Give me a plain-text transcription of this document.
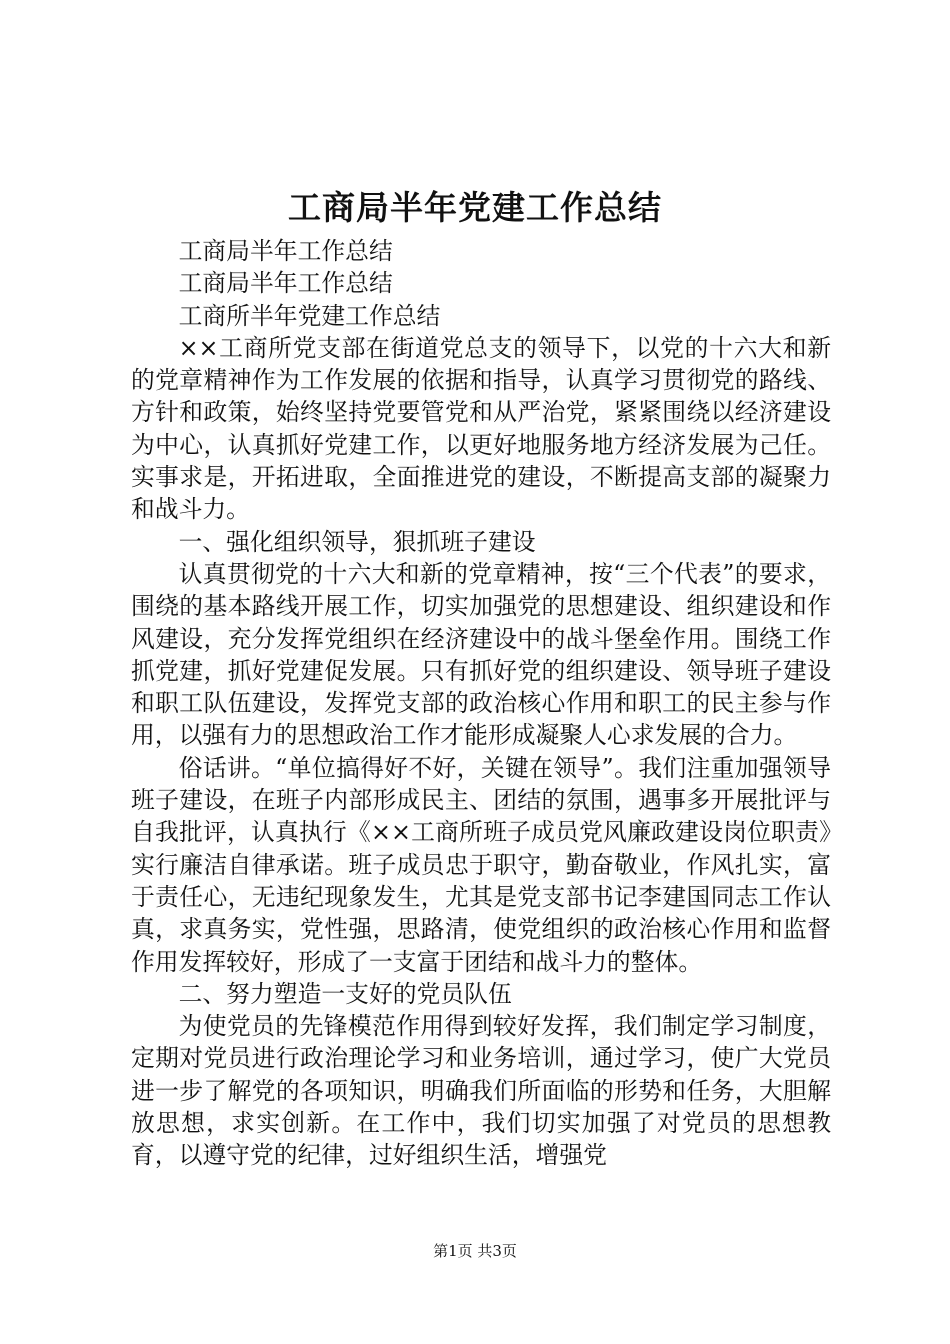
工商局半年党建工作总结

工商局半年工作总结

工商局半年工作总结

工商所半年党建工作总结

××工商所党支部在街道党总支的领导下，以党的十六大和新的党章精神作为工作发展的依据和指导，认真学习贯彻党的路线、方针和政策，始终坚持党要管党和从严治党，紧紧围绕以经济建设为中心，认真抓好党建工作，以更好地服务地方经济发展为己任。实事求是，开拓进取，全面推进党的建设，不断提高支部的凝聚力和战斗力。

一、强化组织领导，狠抓班子建设

认真贯彻党的十六大和新的党章精神，按“三个代表”的要求，围绕的基本路线开展工作，切实加强党的思想建设、组织建设和作风建设，充分发挥党组织在经济建设中的战斗堡垒作用。围绕工作抓党建，抓好党建促发展。只有抓好党的组织建设、领导班子建设和职工队伍建设，发挥党支部的政治核心作用和职工的民主参与作用，以强有力的思想政治工作才能形成凝聚人心求发展的合力。

俗话讲。“单位搞得好不好，关键在领导”。我们注重加强领导班子建设，在班子内部形成民主、团结的氛围，遇事多开展批评与自我批评，认真执行《××工商所班子成员党风廉政建设岗位职责》实行廉洁自律承诺。班子成员忠于职守，勤奋敬业，作风扎实，富于责任心，无违纪现象发生，尤其是党支部书记李建国同志工作认真，求真务实，党性强，思路清，使党组织的政治核心作用和监督作用发挥较好，形成了一支富于团结和战斗力的整体。

二、努力塑造一支好的党员队伍

为使党员的先锋模范作用得到较好发挥，我们制定学习制度，定期对党员进行政治理论学习和业务培训，通过学习，使广大党员进一步了解党的各项知识，明确我们所面临的形势和任务，大胆解放思想，求实创新。在工作中，我们切实加强了对党员的思想教育，以遵守党的纪律，过好组织生活，增强党

第1页 共3页
